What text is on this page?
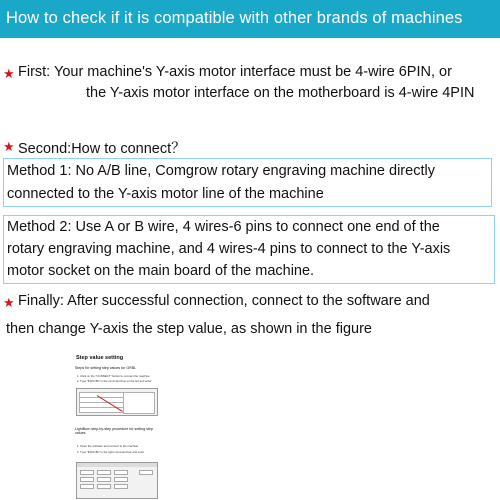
How to check if it is compatible with other brands of machines
★ First: Your machine's Y-axis motor interface must be 4-wire 6PIN, or
the Y-axis motor interface on the motherboard is 4-wire 4PIN
★ Second:How to connect？
Method 1: No A/B line, Comgrow rotary engraving machine directly
connected to the Y-axis motor line of the machine
Method 2: Use A or B wire, 4 wires-6 pins to connect one end of the
rotary engraving machine, and 4 wires-4 pins to connect to the Y-axis
motor socket on the main board of the machine.
★ Finally: After successful connection, connect to the software and
then change Y-axis the step value, as shown in the figure
Step value setting
Steps for setting step values for GRBL
1. Click on the "CONNECT" button to connect the machine
2. Type "$101=80" in the command box on the left and enter
LightBurn step-by-step procedure for setting step values
1. Open the software and connect to the machine
2. Type "$101=80" in the right command bar and enter
